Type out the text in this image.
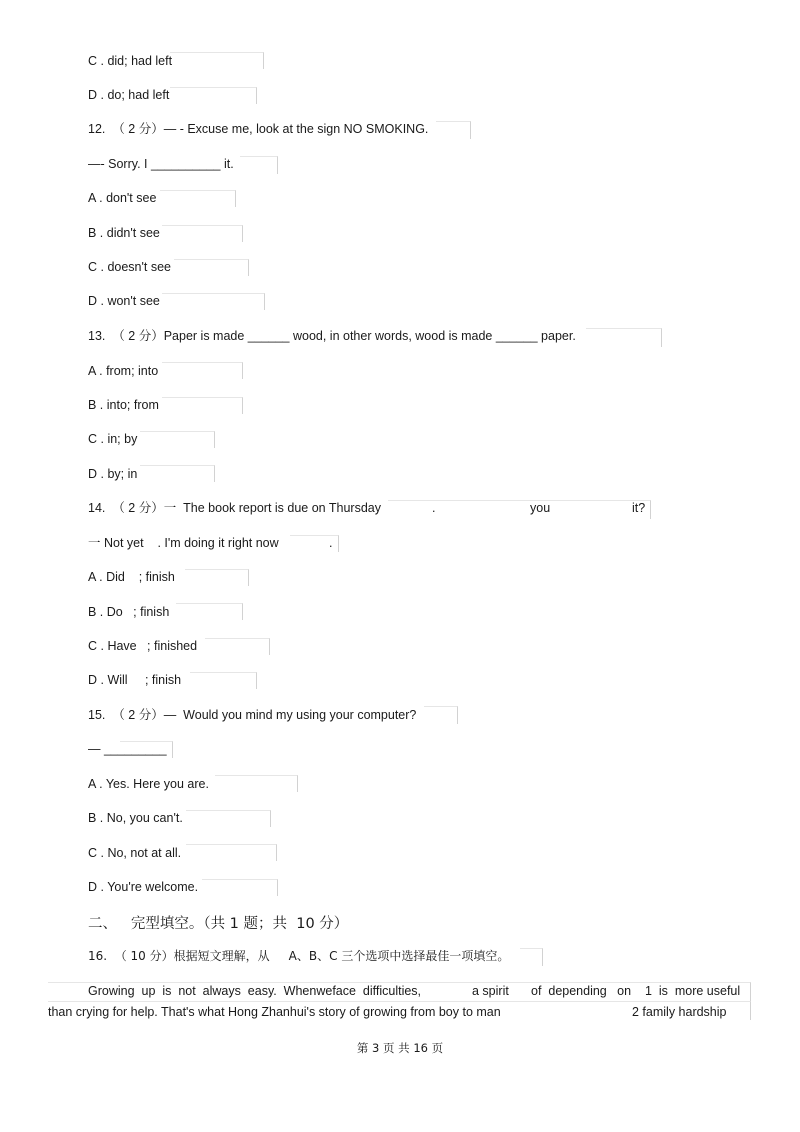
C . did; had left
D . do; had left
12.  （ 2 分）— - Excuse me, look at the sign NO SMOKING.
—- Sorry. I __________ it.
A . don't see
B . didn't see
C . doesn't see
D . won't see
13.  （ 2 分）Paper is made ______ wood, in other words, wood is made ______ paper.
A . from; into
B . into; from
C . in; by
D . by; in
14.  （ 2 分）一  The book report is due on Thursday	.	you	it?
一 Not yet    . I'm doing it right now	.
A . Did    ; finish
B . Do   ; finish
C . Have   ; finished
D . Will     ; finish
15.  （ 2 分）—  Would you mind my using your computer?
— _________
A . Yes. Here you are.
B . No, you can't.
C . No, not at all.
D . You're welcome.
二、   完型填空。（共 1 题；共  10 分）
16.  （ 10 分）根据短文理解，从     A、B、C 三个选项中选择最佳一项填空。
Growing  up  is  not  always  easy.  Whenweface  difficulties,	a spirit of  depending   on    1  is  more useful
than crying for help. That's what Hong Zhanhui's story of growing from boy to man	2 family hardship
第 3 页 共 16 页
